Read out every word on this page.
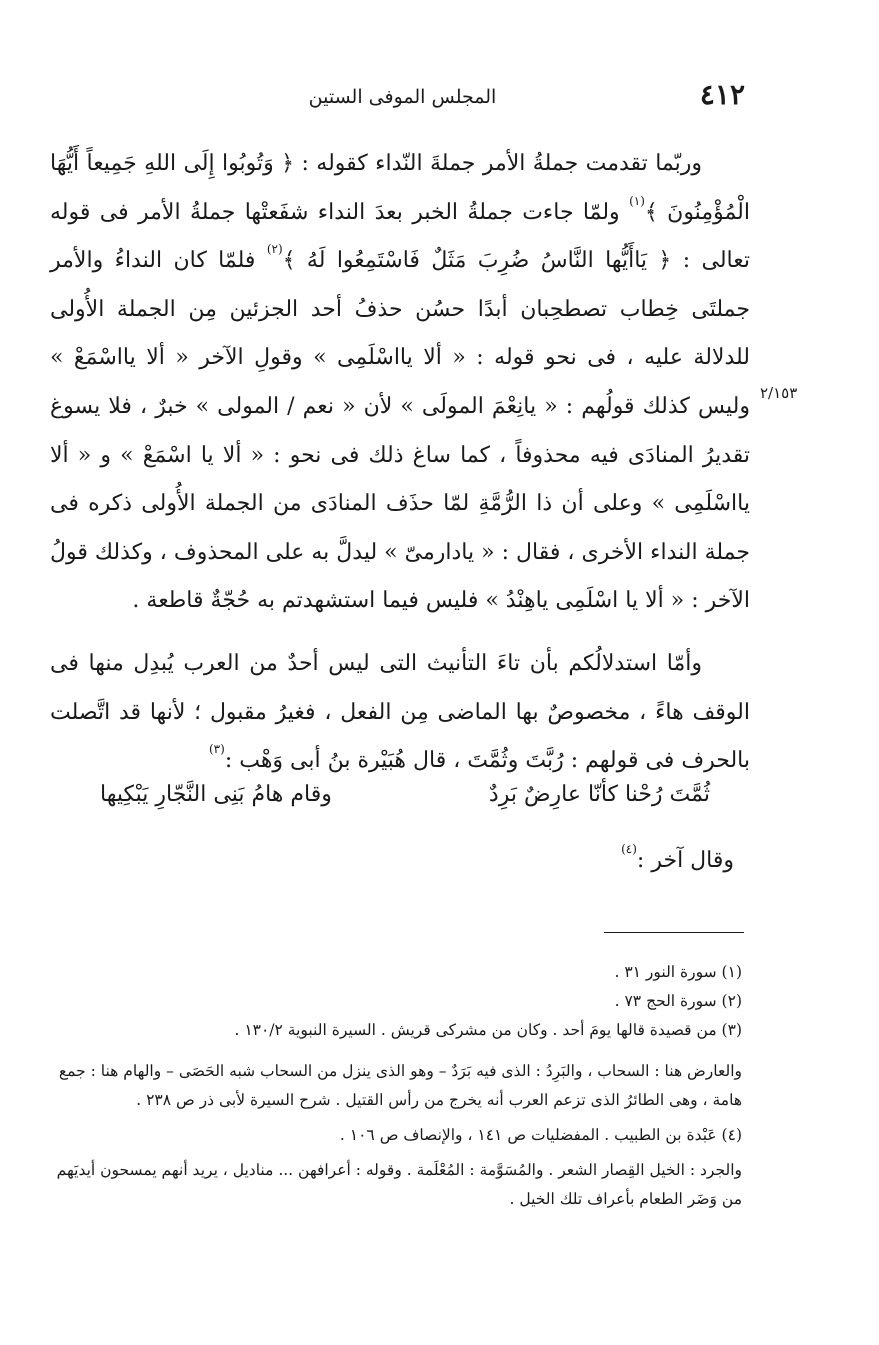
٤١٢
المجلس الموفى الستين
٢/١٥٣

وربّما تقدمت جملةُ الأمر جملةَ النّداء كقوله : ﴿ وَتُوبُوا إِلَى اللهِ جَمِيعاً أَيُّهَا الْمُؤْمِنُونَ ﴾$^{(١)}$ ولمّا جاءت جملةُ الخبر بعدَ النداء شفَعتْها جملةُ الأمر فى قوله تعالى : ﴿ يَاأَيُّها النَّاسُ ضُرِبَ مَثَلٌ فَاسْتَمِعُوا لَهُ ﴾$^{(٢)}$ فلمّا كان النداءُ والأمر جملتَى خِطاب تصطحِبان أبدًا حسُن حذفُ أحد الجزئين مِن الجملة الأُولى للدلالة عليه ، فى نحو قوله : « ألا يااسْلَمِى » وقولِ الآخر « ألا يااسْمَعْ » وليس كذلك قولُهم : « يانِعْمَ المولَى » لأن « نعم / المولى » خبرٌ ، فلا يسوغ تقديرُ المنادَى فيه محذوفاً ، كما ساغ ذلك فى نحو : « ألا يا اسْمَعْ » و « ألا يااسْلَمِى » وعلى أن ذا الرُّمَّةِ لمّا حذَف المنادَى من الجملة الأُولى ذكره فى جملة النداء الأخرى ، فقال : « يادارمىّ » ليدلَّ به على المحذوف ، وكذلك قولُ الآخر : « ألا يا اسْلَمِى ياهِنْدُ » فليس فيما استشهدتم به حُجّةٌ قاطعة .

وأمّا استدلالُكم بأن تاءَ التأنيث التى ليس أحدٌ من العرب يُبدِل منها فى الوقف هاءً ، مخصوصٌ بها الماضى مِن الفعل ، فغيرُ مقبول ؛ لأنها قد اتَّصلت بالحرف فى قولهم : رُبَّتَ وثُمَّتَ ، قال هُبَيْرة بنُ أبى وَهْب :$^{(٣)}$

ثُمَّتَ رُحْنا كأنّا عارِضٌ بَرِدٌ
وقام هامُ بَنِى النَّجّارِ يَبْكِيها
وقال آخر :$^{(٤)}$

(١) سورة النور ٣١ .

(٢) سورة الحج ٧٣ .

(٣) من قصيدة قالها يومَ أحد . وكان من مشركى قريش . السيرة النبوية ١٣٠/٢ .

والعارض هنا : السحاب ، والبَرِدُ : الذى فيه بَرَدٌ – وهو الذى ينزل من السحاب شبه الحَصَى – والهام هنا : جمع هامة ، وهى الطائرُ الذى تزعم العرب أنه يخرج من رأس القتيل . شرح السيرة لأبى ذر ص ٢٣٨ .

(٤) عَبْدة بن الطبيب . المفضليات ص ١٤١ ، والإنصاف ص ١٠٦ .

والجرد : الخيل القِصار الشعر . والمُسَوَّمة : المُعْلَمة . وقوله : أعرافهن ... مناديل ، يريد أنهم يمسحون أيديَهم من وَضَر الطعام بأعراف تلك الخيل .
